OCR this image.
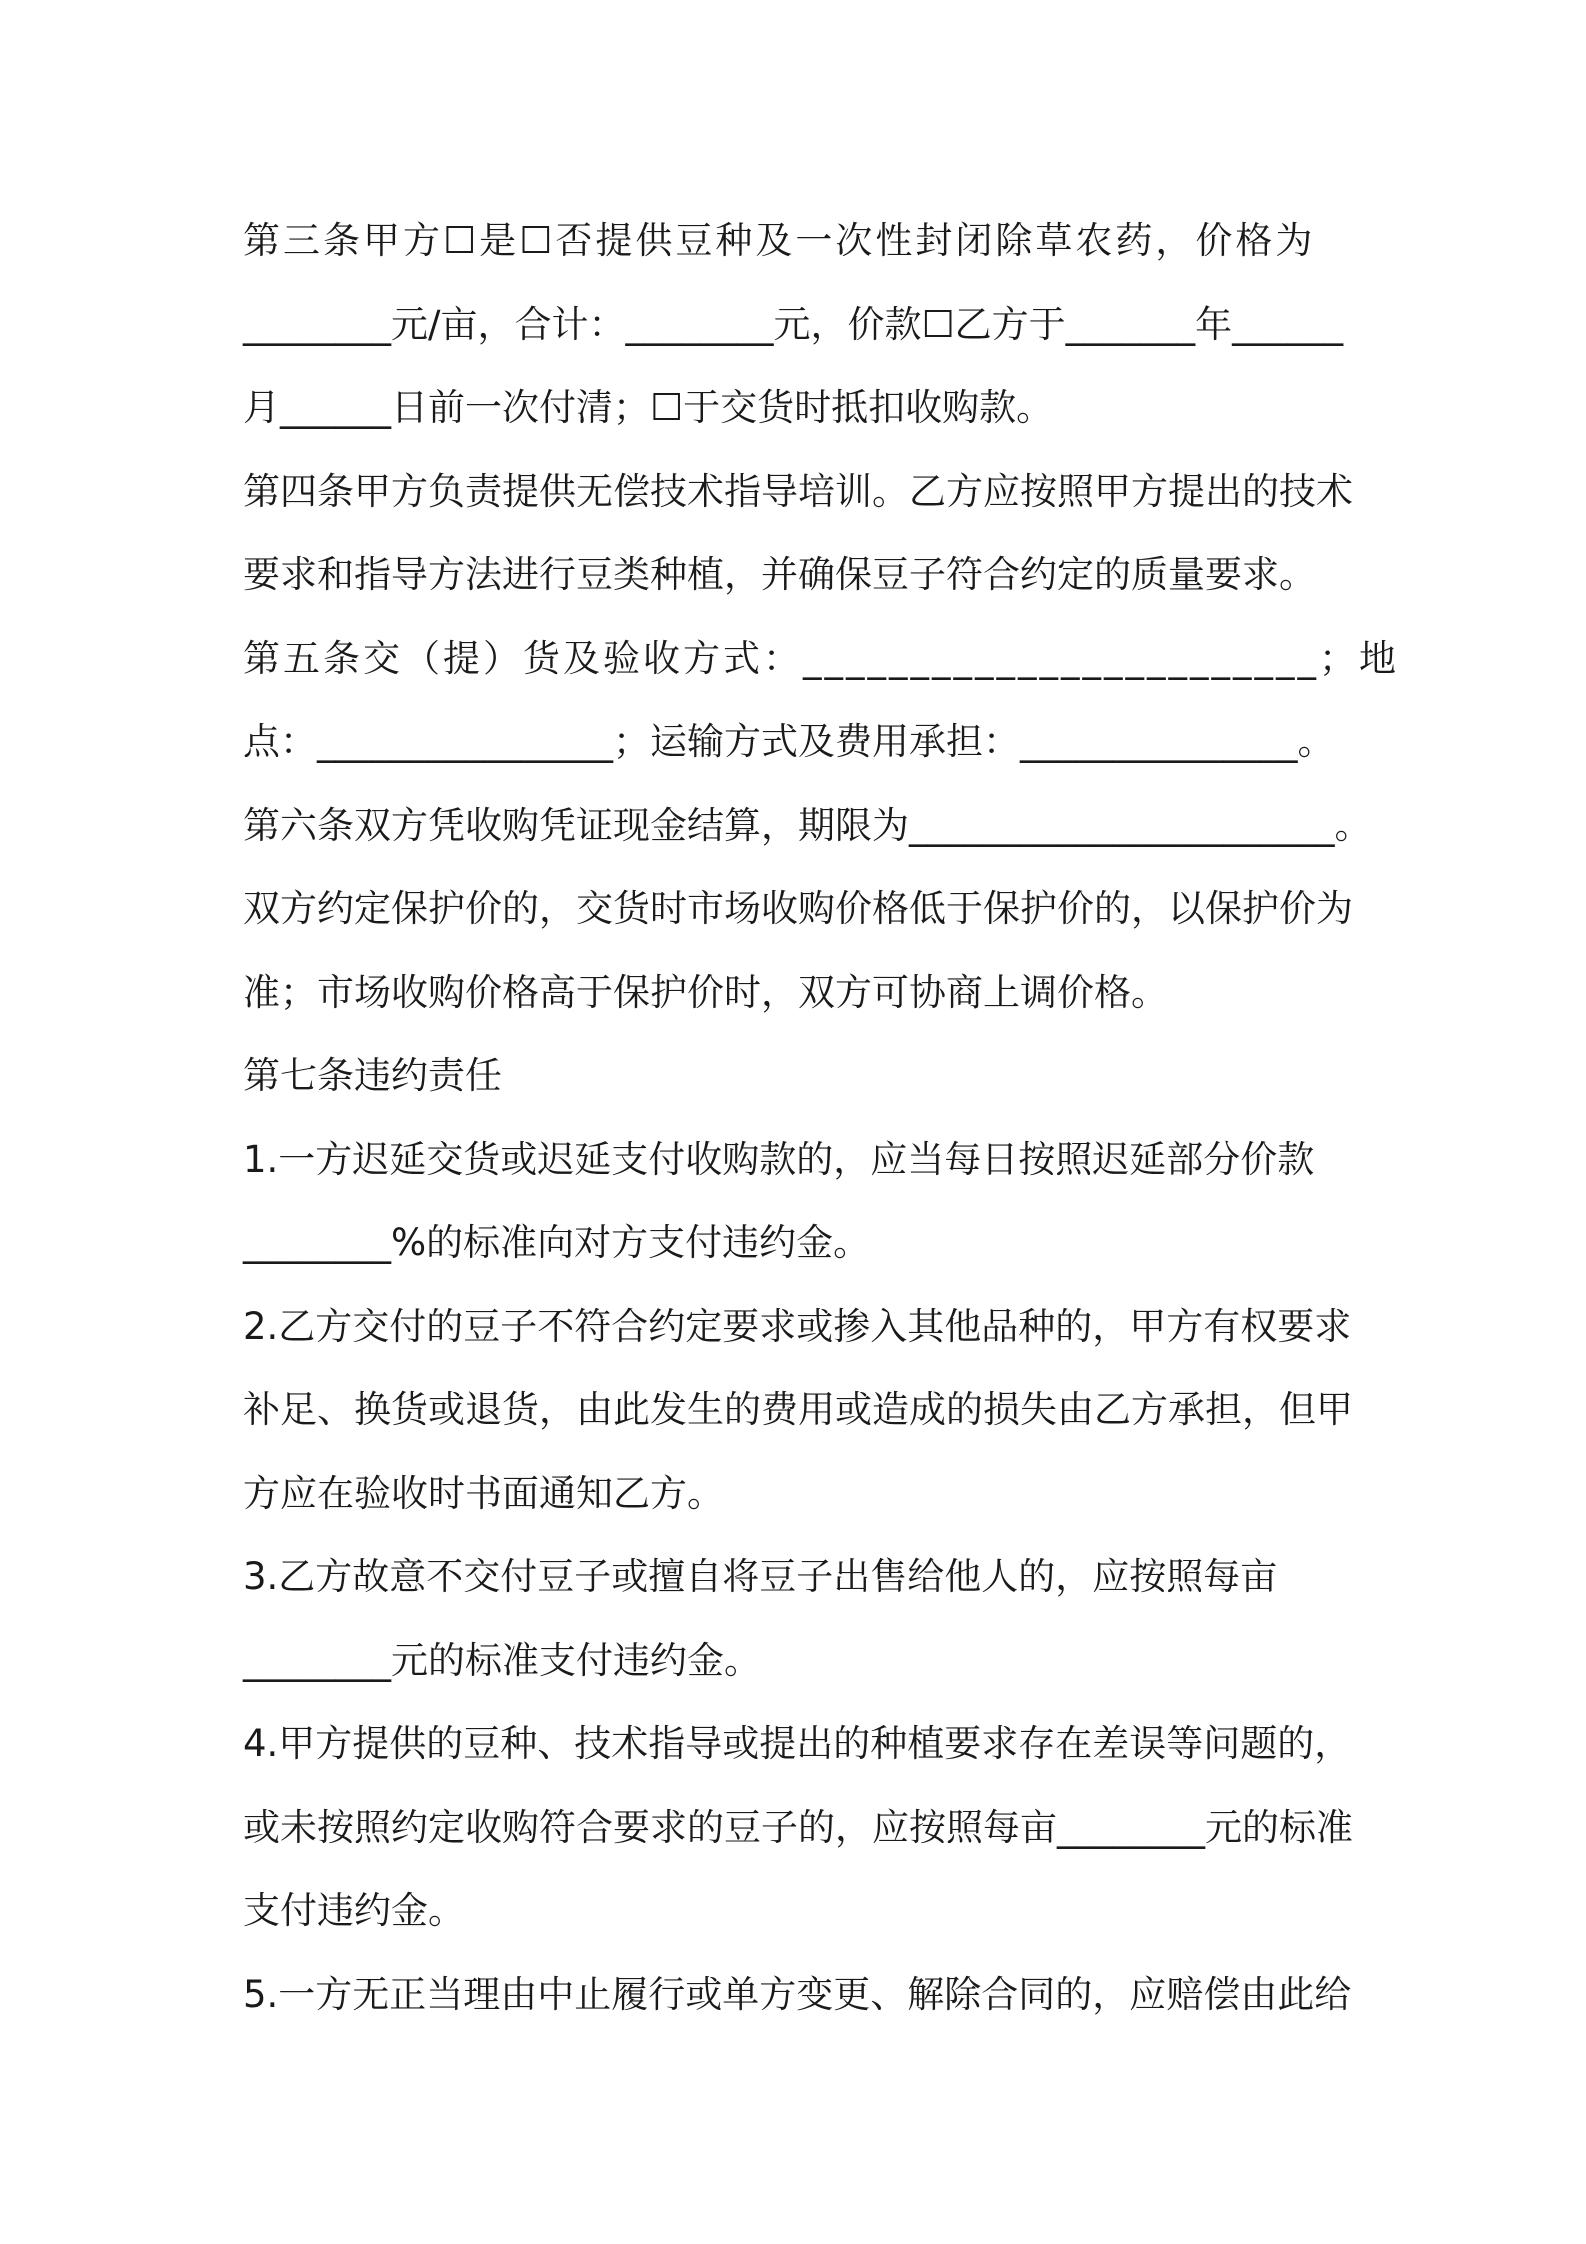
第三条甲方☐是☐否提供豆种及一次性封闭除草农药，价格为
________元/亩，合计：________元，价款☐乙方于_______年______
月______日前一次付清；☐于交货时抵扣收购款。
第四条甲方负责提供无偿技术指导培训。乙方应按照甲方提出的技术
要求和指导方法进行豆类种植，并确保豆子符合约定的质量要求。
第五条交（提）货及验收方式：________________________；地
点：________________；运输方式及费用承担：_______________。
第六条双方凭收购凭证现金结算，期限为_______________________。
双方约定保护价的，交货时市场收购价格低于保护价的，以保护价为
准；市场收购价格高于保护价时，双方可协商上调价格。
第七条违约责任
1.一方迟延交货或迟延支付收购款的，应当每日按照迟延部分价款
________%的标准向对方支付违约金。
2.乙方交付的豆子不符合约定要求或掺入其他品种的，甲方有权要求
补足、换货或退货，由此发生的费用或造成的损失由乙方承担，但甲
方应在验收时书面通知乙方。
3.乙方故意不交付豆子或擅自将豆子出售给他人的，应按照每亩
________元的标准支付违约金。
4.甲方提供的豆种、技术指导或提出的种植要求存在差误等问题的，
或未按照约定收购符合要求的豆子的，应按照每亩________元的标准
支付违约金。
5.一方无正当理由中止履行或单方变更、解除合同的，应赔偿由此给
